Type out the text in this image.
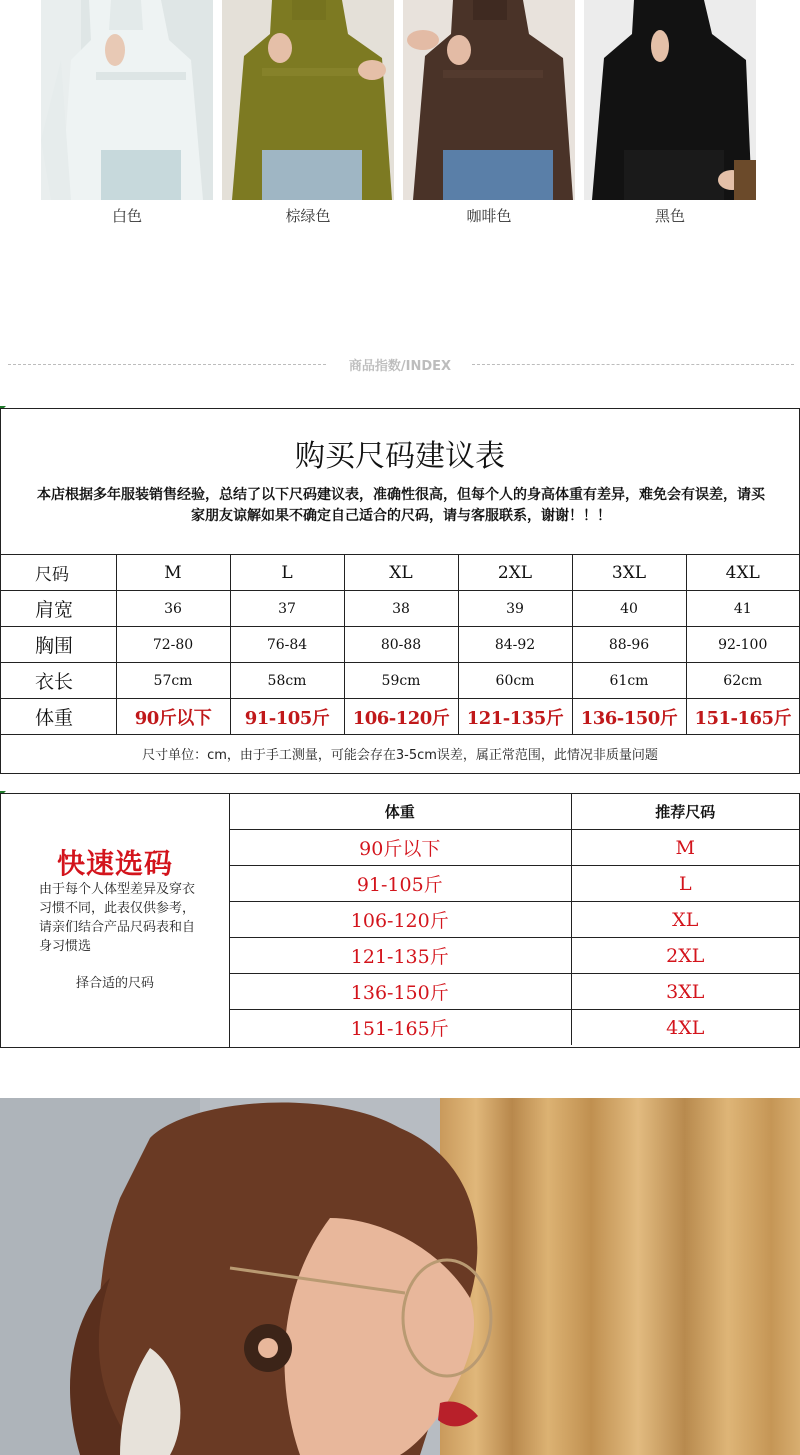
白色	棕绿色	咖啡色	黑色
商品指数/INDEX
购买尺码建议表
本店根据多年服装销售经验，总结了以下尺码建议表，准确性很高，但每个人的身高体重有差异，难免会有误差，请买家朋友谅解如果不确定自己适合的尺码，请与客服联系，谢谢！！！
尺码	M	L	XL	2XL	3XL	4XL
肩宽	36	37	38	39	40	41
胸围	72-80	76-84	80-88	84-92	88-96	92-100
衣长	57cm	58cm	59cm	60cm	61cm	62cm
体重	90斤以下	91-105斤	106-120斤	121-135斤	136-150斤	151-165斤
尺寸单位：cm，由于手工测量，可能会存在3-5cm误差，属正常范围，此情况非质量问题
快速选码
由于每个人体型差异及穿衣习惯不同，此表仅供参考，请亲们结合产品尺码表和自身习惯选
择合适的尺码
体重	推荐尺码
90斤以下	M
91-105斤	L
106-120斤	XL
121-135斤	2XL
136-150斤	3XL
151-165斤	4XL
